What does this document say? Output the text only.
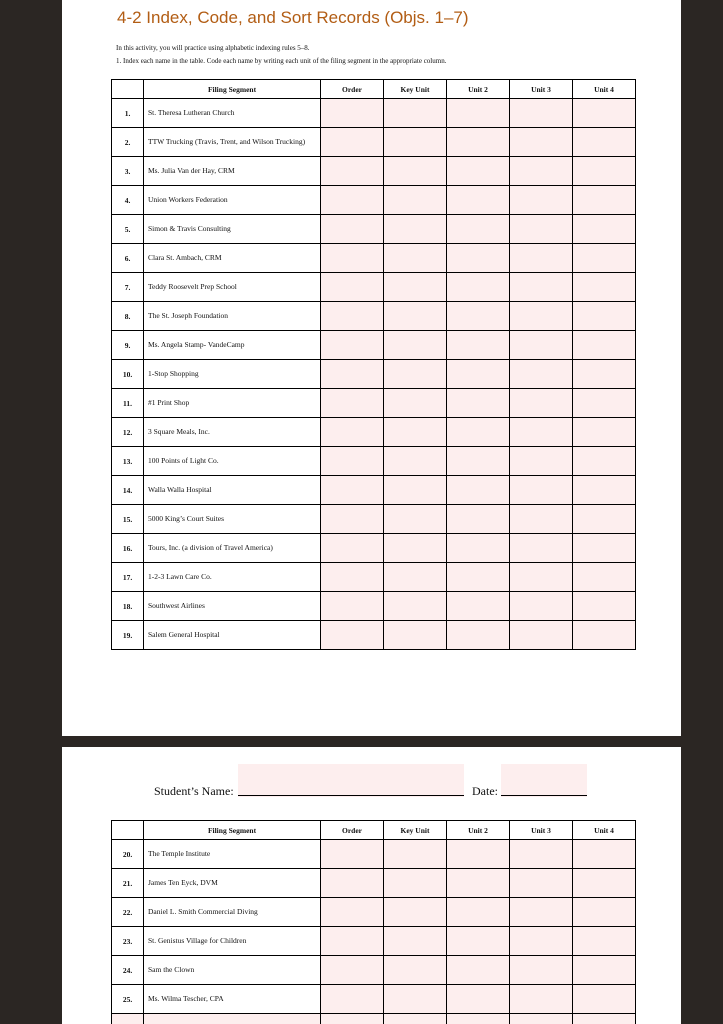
4-2 Index, Code, and Sort Records (Objs. 1–7)
In this activity, you will practice using alphabetic indexing rules 5–8.
1. Index each name in the table. Code each name by writing each unit of the filing segment in the appropriate column.
	Filing Segment	Order	Key Unit	Unit 2	Unit 3	Unit 4
1.	St. Theresa Lutheran Church					
2.	TTW Trucking (Travis, Trent, and Wilson Trucking)					
3.	Ms. Julia Van der Hay, CRM					
4.	Union Workers Federation					
5.	Simon & Travis Consulting					
6.	Clara St. Ambach, CRM					
7.	Teddy Roosevelt Prep School					
8.	The St. Joseph Foundation					
9.	Ms. Angela Stamp- VandeCamp					
10.	1-Stop Shopping					
11.	#1 Print Shop					
12.	3 Square Meals, Inc.					
13.	100 Points of Light Co.					
14.	Walla Walla Hospital					
15.	5000 King’s Court Suites					
16.	Tours, Inc. (a division of Travel America)					
17.	1-2-3 Lawn Care Co.					
18.	Southwest Airlines					
19.	Salem General Hospital					
Student’s Name:	Date:
	Filing Segment	Order	Key Unit	Unit 2	Unit 3	Unit 4
20.	The Temple Institute					
21.	James Ten Eyck, DVM					
22.	Daniel L. Smith Commercial Diving					
23.	St. Genistus Village for Children					
24.	Sam the Clown					
25.	Ms. Wilma Tescher, CPA					
